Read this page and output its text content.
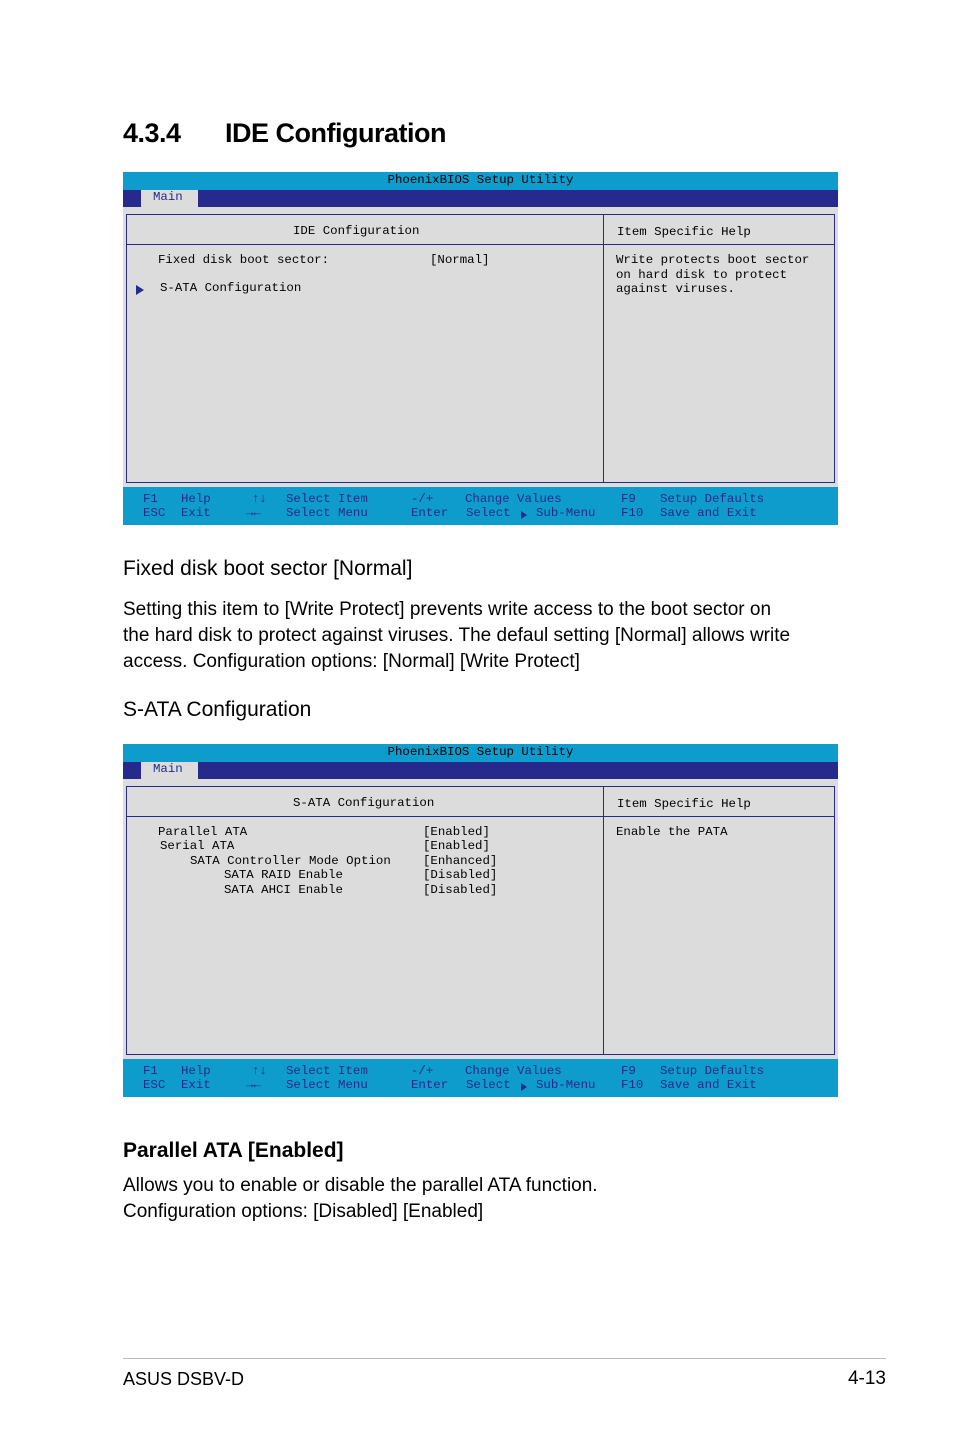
4.3.4 IDE Configuration
PhoenixBIOS Setup Utility
Main
IDE Configuration	Item Specific Help
Fixed disk boot sector:	[Normal]
S-ATA Configuration
Write protects boot sector
on hard disk to protect
against viruses.
F1 Help
ESC Exit
↑↓ Select Item
→← Select Menu
-/+	Change Values
Enter Select Sub-Menu
F9 Setup Defaults
F10 Save and Exit
Fixed disk boot sector [Normal]
Setting this item to [Write Protect] prevents write access to the boot sector on
the hard disk to protect against viruses. The defaul setting [Normal] allows write
access. Configuration options: [Normal] [Write Protect]
S-ATA Configuration
PhoenixBIOS Setup Utility
Main
S-ATA Configuration	Item Specific Help
Parallel ATA	[Enabled]
Serial ATA	[Enabled]
SATA Controller Mode Option	[Enhanced]
SATA RAID Enable	[Disabled]
SATA AHCI Enable	[Disabled]
Enable the PATA
F1 Help
ESC Exit
↑↓ Select Item
→← Select Menu
-/+	Change Values
Enter Select Sub-Menu
F9 Setup Defaults
F10 Save and Exit
Parallel ATA [Enabled]
Allows you to enable or disable the parallel ATA function.
Configuration options: [Disabled] [Enabled]
ASUS DSBV-D	4-13
